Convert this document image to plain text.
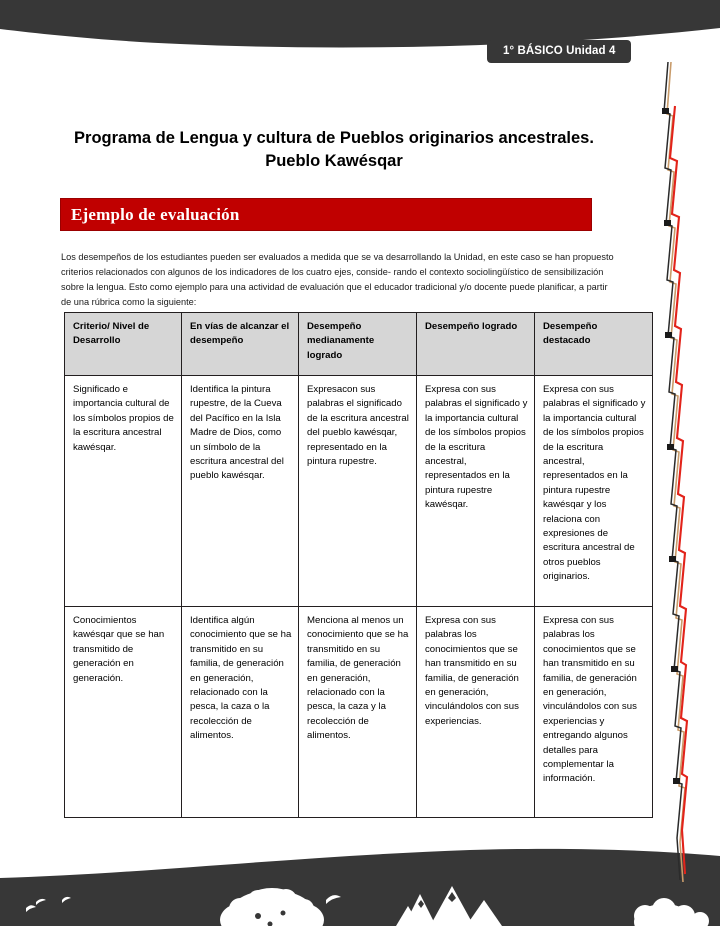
1° BÁSICO Unidad 4
Programa de Lengua y cultura de Pueblos originarios ancestrales. Pueblo Kawésqar
Ejemplo de evaluación
Los desempeños de los estudiantes pueden ser evaluados a medida que se va desarrollando la Unidad, en este caso se han propuesto criterios relacionados con algunos de los indicadores de los cuatro ejes, conside- rando el contexto sociolingüístico de sensibilización sobre la lengua. Esto como ejemplo para una actividad de evaluación que el educador tradicional y/o docente puede planificar, a partir de una rúbrica como la siguiente:
Criterio/ Nivel de Desarrollo	En vías de alcanzar el desempeño	Desempeño medianamente logrado	Desempeño logrado	Desempeño destacado
Significado e importancia cultural de los símbolos propios de la escritura ancestral kawésqar.	Identifica la pintura rupestre, de la Cueva del Pacífico en la Isla Madre de Dios, como un símbolo de la escritura ancestral del pueblo kawésqar.	Expresacon sus palabras el significado de la escritura ancestral del pueblo kawésqar, representado en la pintura rupestre.	Expresa con sus palabras el significado y la importancia cultural de los símbolos propios de la escritura ancestral, representados en la pintura rupestre kawésqar.	Expresa con sus palabras el significado y la importancia cultural de los símbolos propios de la escritura ancestral, representados en la pintura rupestre kawésqar y los relaciona con expresiones de escritura ancestral de otros pueblos originarios.
Conocimientos kawésqar que se han transmitido de generación en generación.	Identifica algún conocimiento que se ha transmitido en su familia, de generación en generación, relacionado con la pesca, la caza o la recolección de alimentos.	Menciona al menos un conocimiento que se ha transmitido en su familia, de generación en generación, relacionado con la pesca, la caza y la recolección de alimentos.	Expresa con sus palabras los conocimientos que se han transmitido en su familia, de generación en generación, vinculándolos con sus experiencias.	Expresa con sus palabras los conocimientos que se han transmitido en su familia, de generación en generación, vinculándolos con sus experiencias y entregando algunos detalles para complementar la información.
